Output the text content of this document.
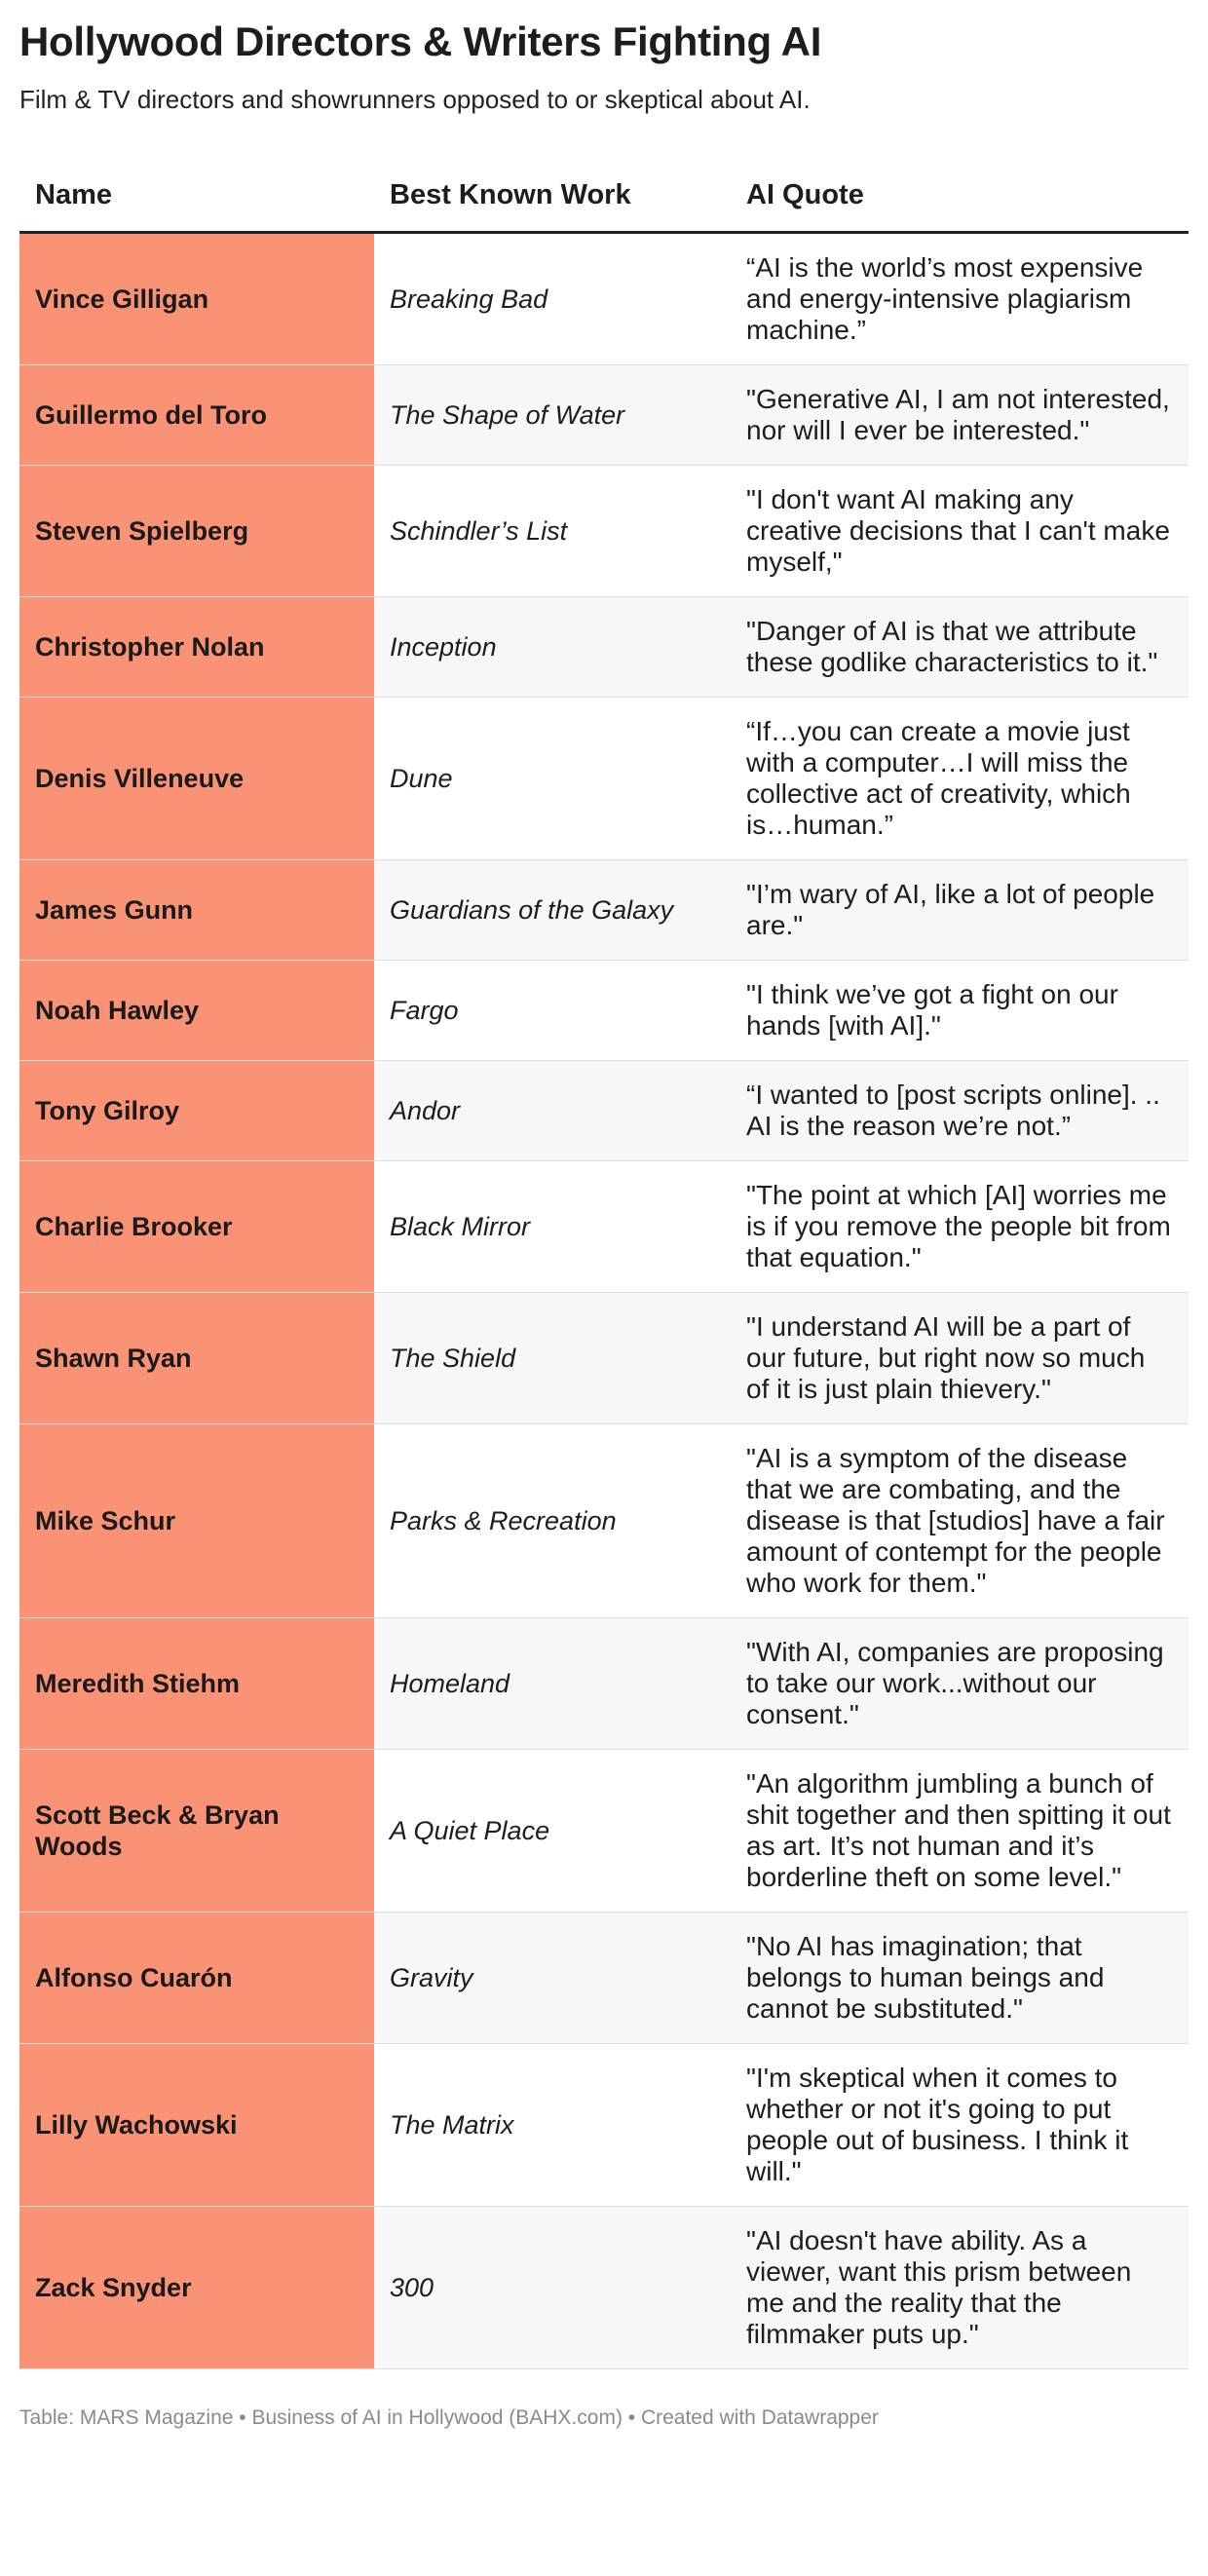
Hollywood Directors & Writers Fighting AI

Film & TV directors and showrunners opposed to or skeptical about AI.

Name	Best Known Work	AI Quote
Vince Gilligan	Breaking Bad	“AI is the world’s most expensive and energy-intensive plagiarism machine.”
Guillermo del Toro	The Shape of Water	"Generative AI, I am not interested, nor will I ever be interested."
Steven Spielberg	Schindler’s List	"I don't want AI making any creative decisions that I can't make myself,"
Christopher Nolan	Inception	"Danger of AI is that we attribute these godlike characteristics to it."
Denis Villeneuve	Dune	“If…you can create a movie just with a computer…I will miss the collective act of creativity, which is…human.”
James Gunn	Guardians of the Galaxy	"I’m wary of AI, like a lot of people are."
Noah Hawley	Fargo	"I think we’ve got a fight on our hands [with AI]."
Tony Gilroy	Andor	“I wanted to [post scripts online]. .. AI is the reason we’re not.”
Charlie Brooker	Black Mirror	"The point at which [AI] worries me is if you remove the people bit from that equation."
Shawn Ryan	The Shield	"I understand AI will be a part of our future, but right now so much of it is just plain thievery."
Mike Schur	Parks & Recreation	"AI is a symptom of the disease that we are combating, and the disease is that [studios] have a fair amount of contempt for the people who work for them."
Meredith Stiehm	Homeland	"With AI, companies are proposing to take our work...without our consent."
Scott Beck & Bryan Woods	A Quiet Place	"An algorithm jumbling a bunch of shit together and then spitting it out as art. It’s not human and it’s borderline theft on some level."
Alfonso Cuarón	Gravity	"No AI has imagination; that belongs to human beings and cannot be substituted."
Lilly Wachowski	The Matrix	"I'm skeptical when it comes to whether or not it's going to put people out of business. I think it will."
Zack Snyder	300	"AI doesn't have ability. As a viewer, want this prism between me and the reality that the filmmaker puts up."
Table: MARS Magazine • Business of AI in Hollywood (BAHX.com) • Created with Datawrapper
